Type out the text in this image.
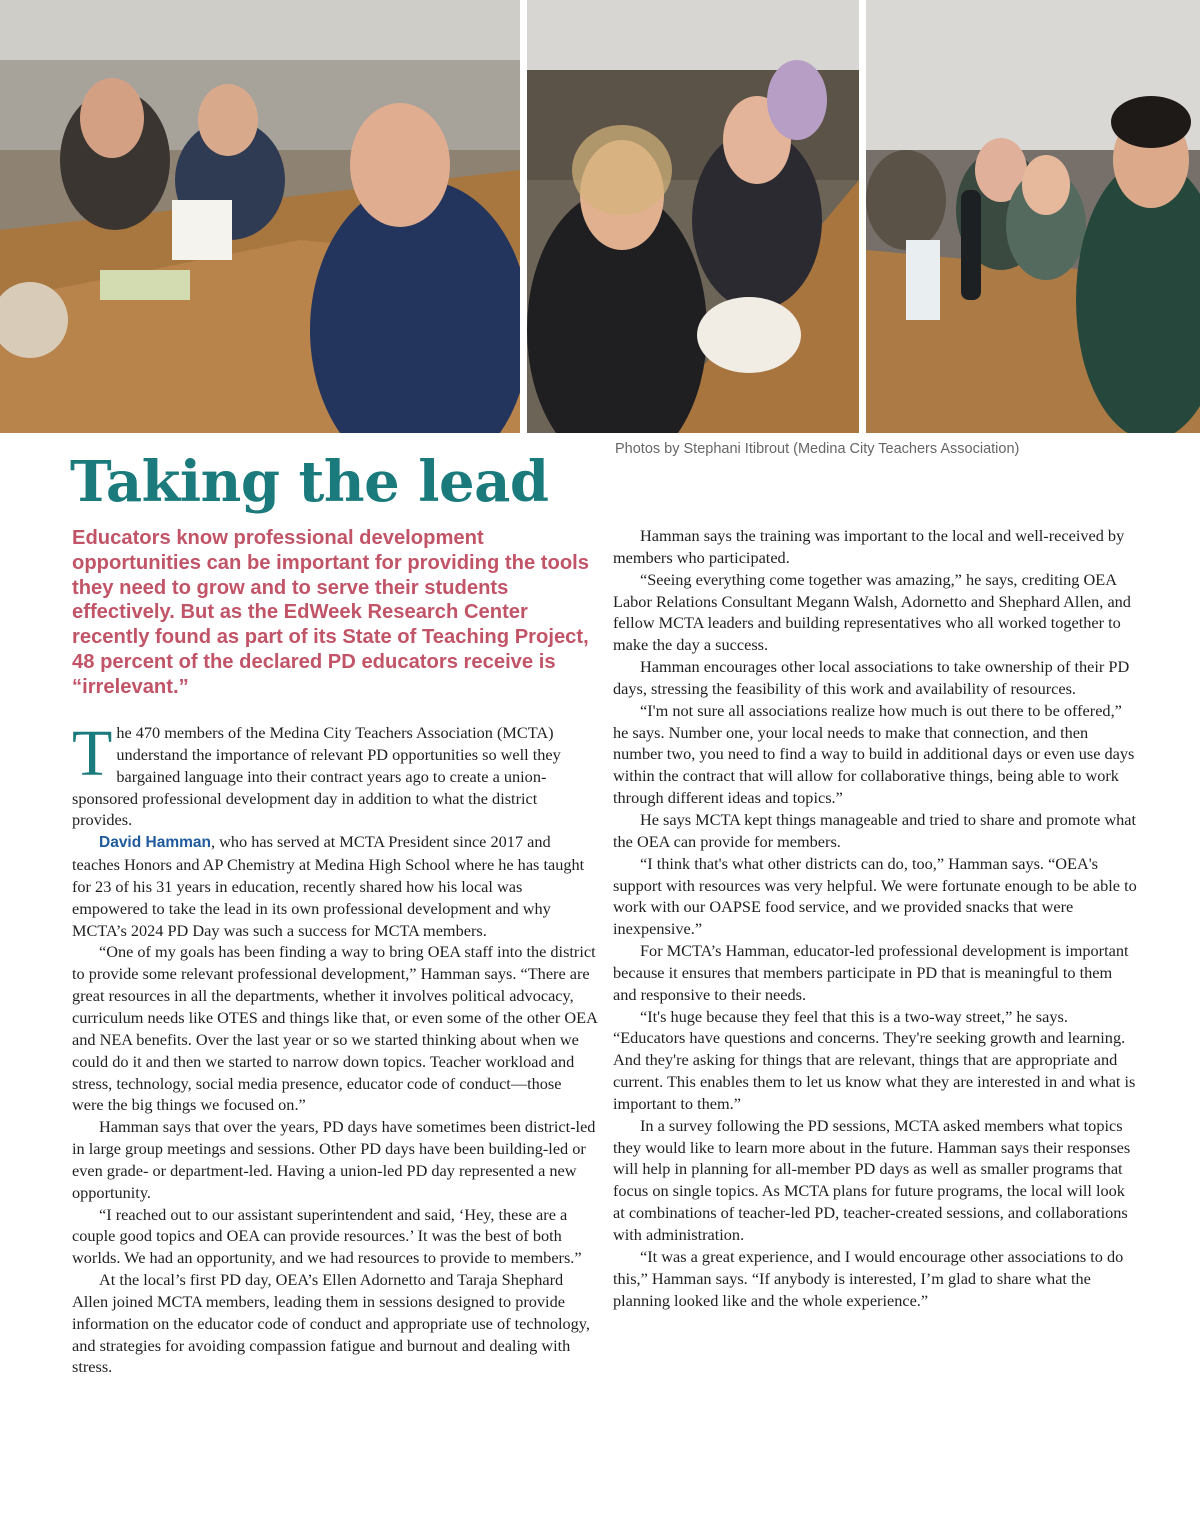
Photos by Stephani Itibrout (Medina City Teachers Association)
Taking the lead

Educators know professional development opportunities can be important for providing the tools they need to grow and to serve their students effectively. But as the EdWeek Research Center recently found as part of its State of Teaching Project, 48 percent of the declared PD educators receive is “irrelevant.”

The 470 members of the Medina City Teachers Association (MCTA) understand the importance of relevant PD opportunities so well they bargained language into their contract years ago to create a union-sponsored professional development day in addition to what the district provides.

David Hamman, who has served at MCTA President since 2017 and teaches Honors and AP Chemistry at Medina High School where he has taught for 23 of his 31 years in education, recently shared how his local was empowered to take the lead in its own professional development and why MCTA’s 2024 PD Day was such a success for MCTA members.

“One of my goals has been finding a way to bring OEA staff into the district to provide some relevant professional development,” Hamman says. “There are great resources in all the departments, whether it involves political advocacy, curriculum needs like OTES and things like that, or even some of the other OEA and NEA benefits. Over the last year or so we started thinking about when we could do it and then we started to narrow down topics. Teacher workload and stress, technology, social media presence, educator code of conduct—those were the big things we focused on.”

Hamman says that over the years, PD days have sometimes been district-led in large group meetings and sessions. Other PD days have been building-led or even grade- or department-led. Having a union-led PD day represented a new opportunity.

“I reached out to our assistant superintendent and said, ‘Hey, these are a couple good topics and OEA can provide resources.’ It was the best of both worlds. We had an opportunity, and we had resources to provide to members.”

At the local’s first PD day, OEA’s Ellen Adornetto and Taraja Shephard Allen joined MCTA members, leading them in sessions designed to provide information on the educator code of conduct and appropriate use of technology, and strategies for avoiding compassion fatigue and burnout and dealing with stress.

Hamman says the training was important to the local and well-received by members who participated.

“Seeing everything come together was amazing,” he says, crediting OEA Labor Relations Consultant Megann Walsh, Adornetto and Shephard Allen, and fellow MCTA leaders and building representatives who all worked together to make the day a success.

Hamman encourages other local associations to take ownership of their PD days, stressing the feasibility of this work and availability of resources.

“I'm not sure all associations realize how much is out there to be offered,” he says. Number one, your local needs to make that connection, and then number two, you need to find a way to build in additional days or even use days within the contract that will allow for collaborative things, being able to work through different ideas and topics.”

He says MCTA kept things manageable and tried to share and promote what the OEA can provide for members.

“I think that's what other districts can do, too,” Hamman says. “OEA's support with resources was very helpful. We were fortunate enough to be able to work with our OAPSE food service, and we provided snacks that were inexpensive.”

For MCTA’s Hamman, educator-led professional development is important because it ensures that members participate in PD that is meaningful to them and responsive to their needs.

“It's huge because they feel that this is a two-way street,” he says. “Educators have questions and concerns. They're seeking growth and learning. And they're asking for things that are relevant, things that are appropriate and current. This enables them to let us know what they are interested in and what is important to them.”

In a survey following the PD sessions, MCTA asked members what topics they would like to learn more about in the future. Hamman says their responses will help in planning for all-member PD days as well as smaller programs that focus on single topics. As MCTA plans for future programs, the local will look at combinations of teacher-led PD, teacher-created sessions, and collaborations with administration.

“It was a great experience, and I would encourage other associations to do this,” Hamman says. “If anybody is interested, I’m glad to share what the planning looked like and the whole experience.”
